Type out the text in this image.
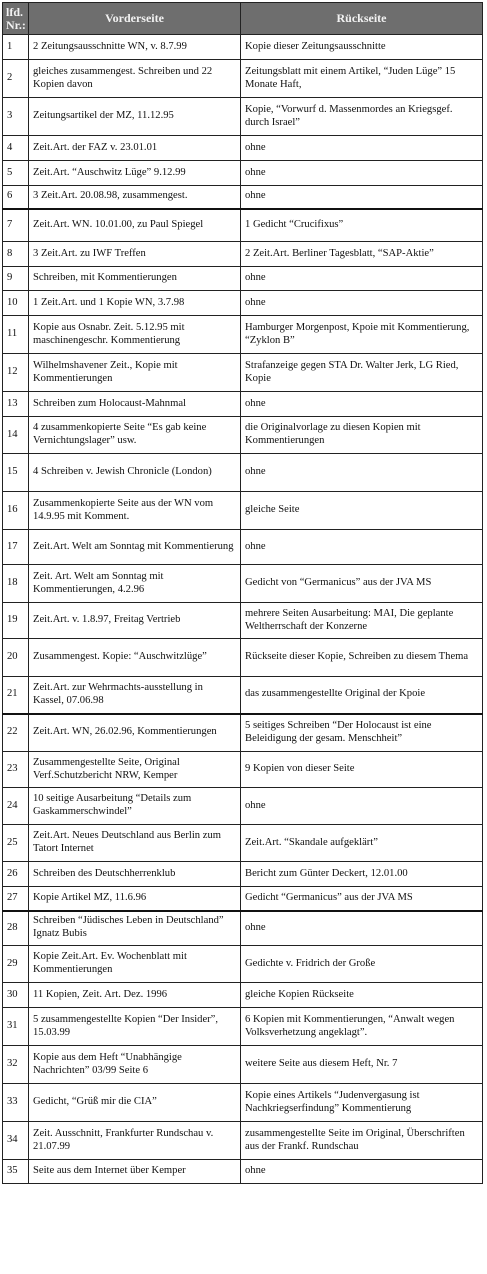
lfd. Nr.:	Vorderseite	Rückseite
1	2 Zeitungsausschnitte WN, v. 8.7.99	Kopie dieser Zeitungsausschnitte
2	gleiches zusammengest. Schreiben und 22 Kopien davon	Zeitungsblatt mit einem Artikel, “Juden Lüge” 15 Monate Haft,
3	Zeitungsartikel der MZ, 11.12.95	Kopie, “Vorwurf d. Massenmordes an Kriegsgef. durch Israel”
4	Zeit.Art. der FAZ v. 23.01.01	ohne
5	Zeit.Art. “Auschwitz Lüge” 9.12.99	ohne
6	3 Zeit.Art. 20.08.98, zusammengest.	ohne
7	Zeit.Art. WN. 10.01.00, zu Paul Spiegel	1 Gedicht “Crucifixus”
8	3 Zeit.Art. zu IWF Treffen	2 Zeit.Art. Berliner Tagesblatt, “SAP-Aktie”
9	Schreiben, mit Kommentierungen	ohne
10	1 Zeit.Art. und 1 Kopie WN, 3.7.98	ohne
11	Kopie aus Osnabr. Zeit. 5.12.95 mit maschinengeschr. Kommentierung	Hamburger Morgenpost, Kpoie mit Kommentierung, “Zyklon B”
12	Wilhelmshavener Zeit., Kopie mit Kommentierungen	Strafanzeige gegen STA Dr. Walter Jerk, LG Ried, Kopie
13	Schreiben zum Holocaust-Mahnmal	ohne
14	4 zusammenkopierte Seite “Es gab keine Vernichtungslager” usw.	die Originalvorlage zu diesen Kopien mit Kommentierungen
15	4 Schreiben v. Jewish Chronicle (London)	ohne
16	Zusammenkopierte Seite aus der WN vom 14.9.95 mit Komment.	gleiche Seite
17	Zeit.Art. Welt am Sonntag mit Kommentierung	ohne
18	Zeit. Art. Welt am Sonntag mit Kommentierungen, 4.2.96	Gedicht von “Germanicus” aus der JVA MS
19	Zeit.Art. v. 1.8.97, Freitag Vertrieb	mehrere Seiten Ausarbeitung: MAI, Die geplante Weltherrschaft der Konzerne
20	Zusammengest. Kopie: “Auschwitzlüge”	Rückseite dieser Kopie, Schreiben zu diesem Thema
21	Zeit.Art. zur Wehrmachts-ausstellung in Kassel, 07.06.98	das zusammengestellte Original der Kpoie
22	Zeit.Art. WN, 26.02.96, Kommentierungen	5 seitiges Schreiben “Der Holocaust ist eine Beleidigung der gesam. Menschheit”
23	Zusammengestellte Seite, Original Verf.Schutzbericht NRW, Kemper	9 Kopien von dieser Seite
24	10 seitige Ausarbeitung “Details zum Gaskammerschwindel”	ohne
25	Zeit.Art. Neues Deutschland aus Berlin zum Tatort Internet	Zeit.Art. “Skandale aufgeklärt”
26	Schreiben des Deutschherrenklub	Bericht zum Günter Deckert, 12.01.00
27	Kopie Artikel MZ, 11.6.96	Gedicht “Germanicus” aus der JVA MS
28	Schreiben “Jüdisches Leben in Deutschland” Ignatz Bubis	ohne
29	Kopie Zeit.Art. Ev. Wochenblatt mit Kommentierungen	Gedichte v. Fridrich der Große
30	11 Kopien, Zeit. Art. Dez. 1996	gleiche Kopien Rückseite
31	5 zusammengestellte Kopien “Der Insider”, 15.03.99	6 Kopien mit Kommentierungen, “Anwalt wegen Volksverhetzung angeklagt”.
32	Kopie aus dem Heft “Unabhängige Nachrichten” 03/99 Seite 6	weitere Seite aus diesem Heft, Nr. 7
33	Gedicht, “Grüß mir die CIA”	Kopie eines Artikels “Judenvergasung ist Nachkriegserfindung” Kommentierung
34	Zeit. Ausschnitt, Frankfurter Rundschau v. 21.07.99	zusammengestellte Seite im Original, Überschriften aus der Frankf. Rundschau
35	Seite aus dem Internet über Kemper	ohne
